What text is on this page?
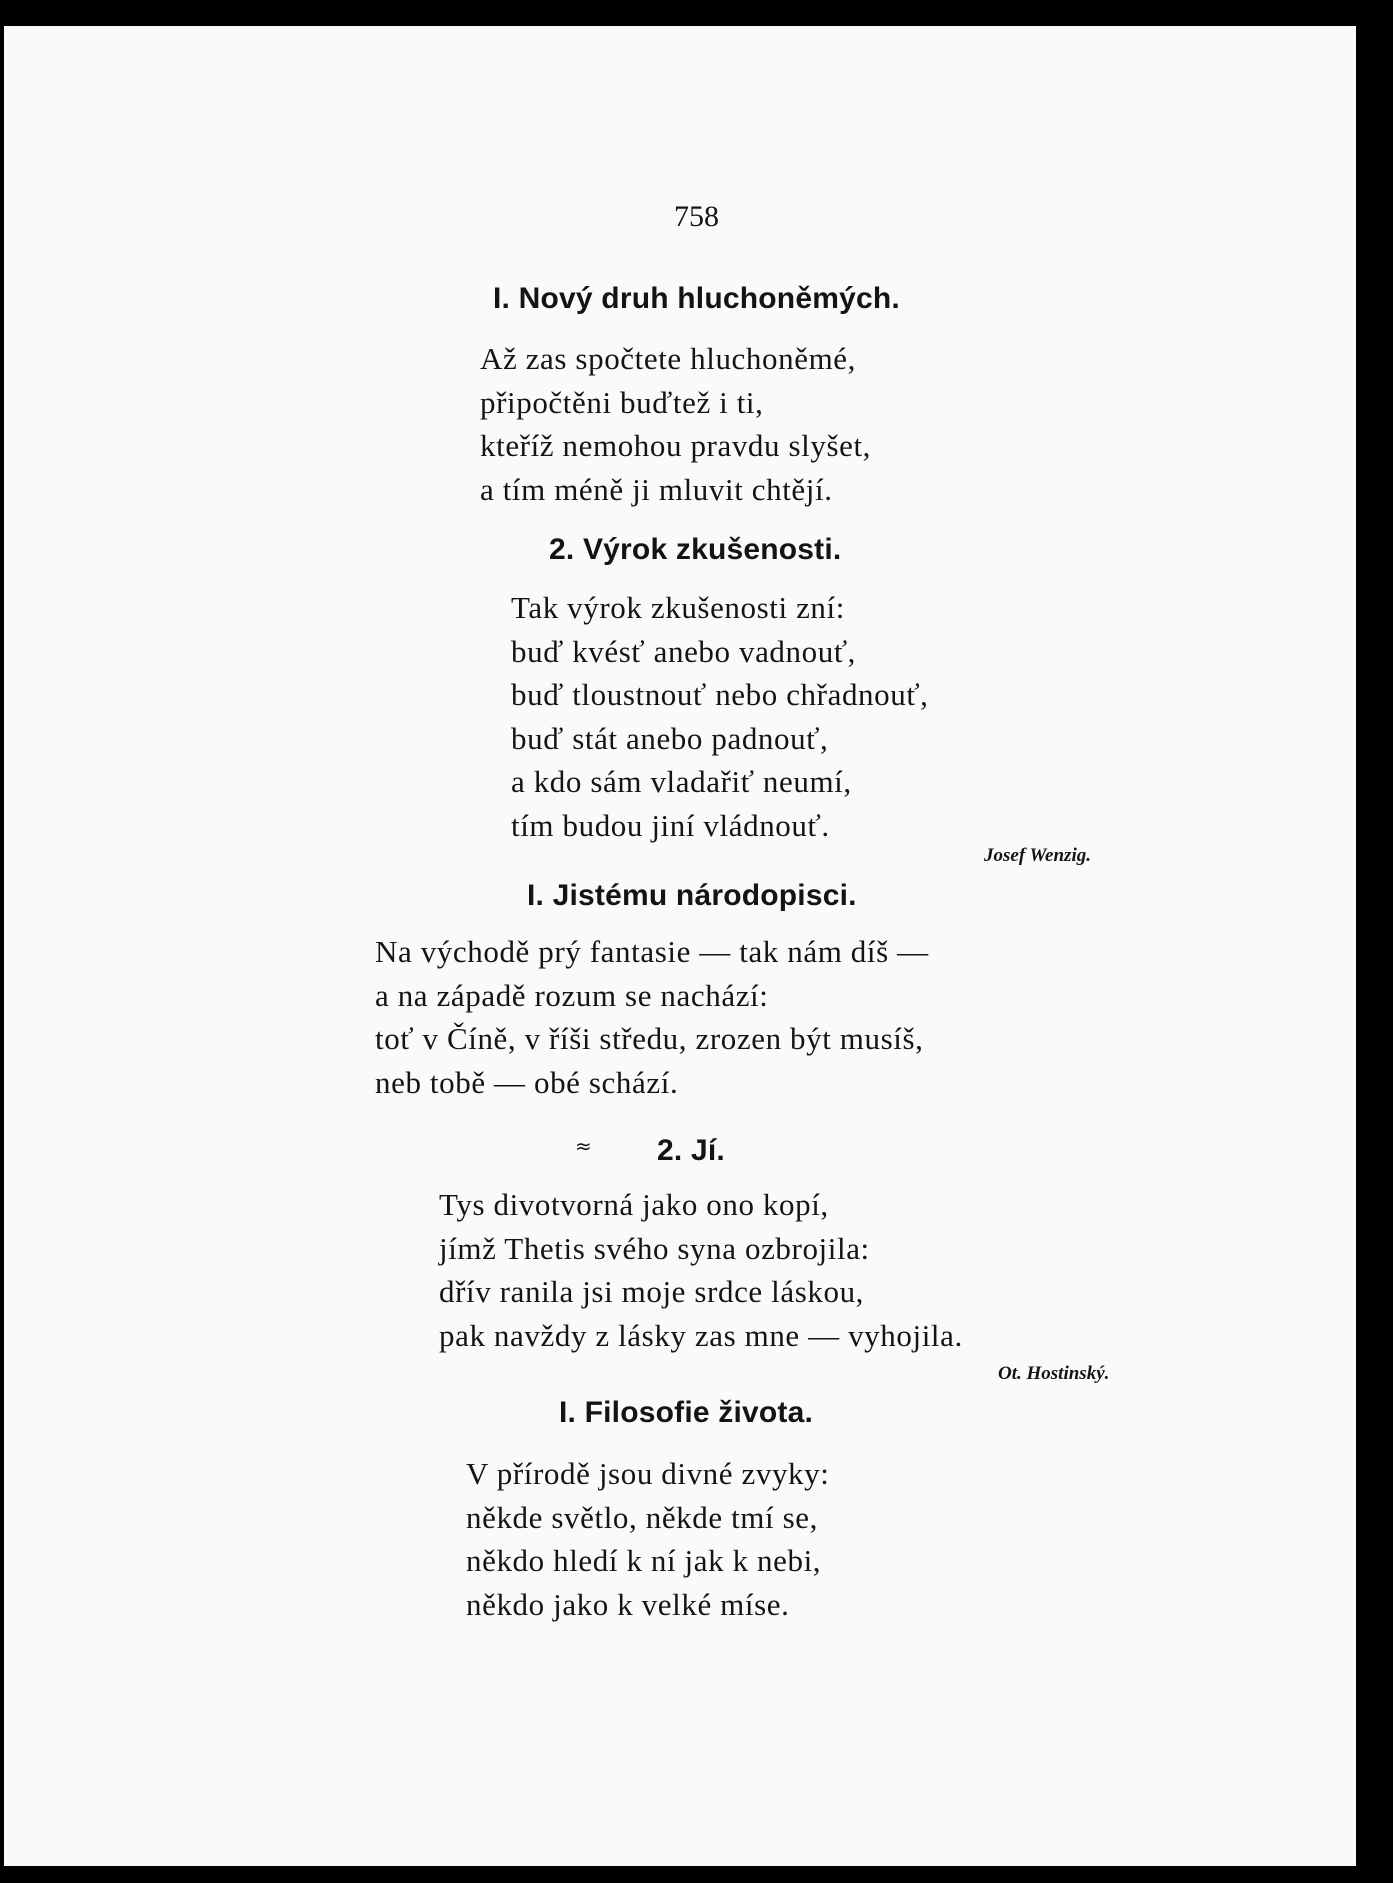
758
I. Nový druh hluchoněmých.
Až zas spočtete hluchoněmé,
připočtěni buďtež i ti,
kteříž nemohou pravdu slyšet,
a tím méně ji mluvit chtějí.
2. Výrok zkušenosti.
Tak výrok zkušenosti zní:
buď kvésť anebo vadnouť,
buď tloustnouť nebo chřadnouť,
buď stát anebo padnouť,
a kdo sám vladařiť neumí,
tím budou jiní vládnouť.
Josef Wenzig.
I. Jistému národopisci.
Na východě prý fantasie — tak nám díš —
a na západě rozum se nachází:
toť v Číně, v říši středu, zrozen být musíš,
neb tobě — obé schází.
≈ 2. Jí.
Tys divotvorná jako ono kopí,
jímž Thetis svého syna ozbrojila:
dřív ranila jsi moje srdce láskou,
pak navždy z lásky zas mne — vyhojila.
Ot. Hostinský.
I. Filosofie života.
V přírodě jsou divné zvyky:
někde světlo, někde tmí se,
někdo hledí k ní jak k nebi,
někdo jako k velké míse.
